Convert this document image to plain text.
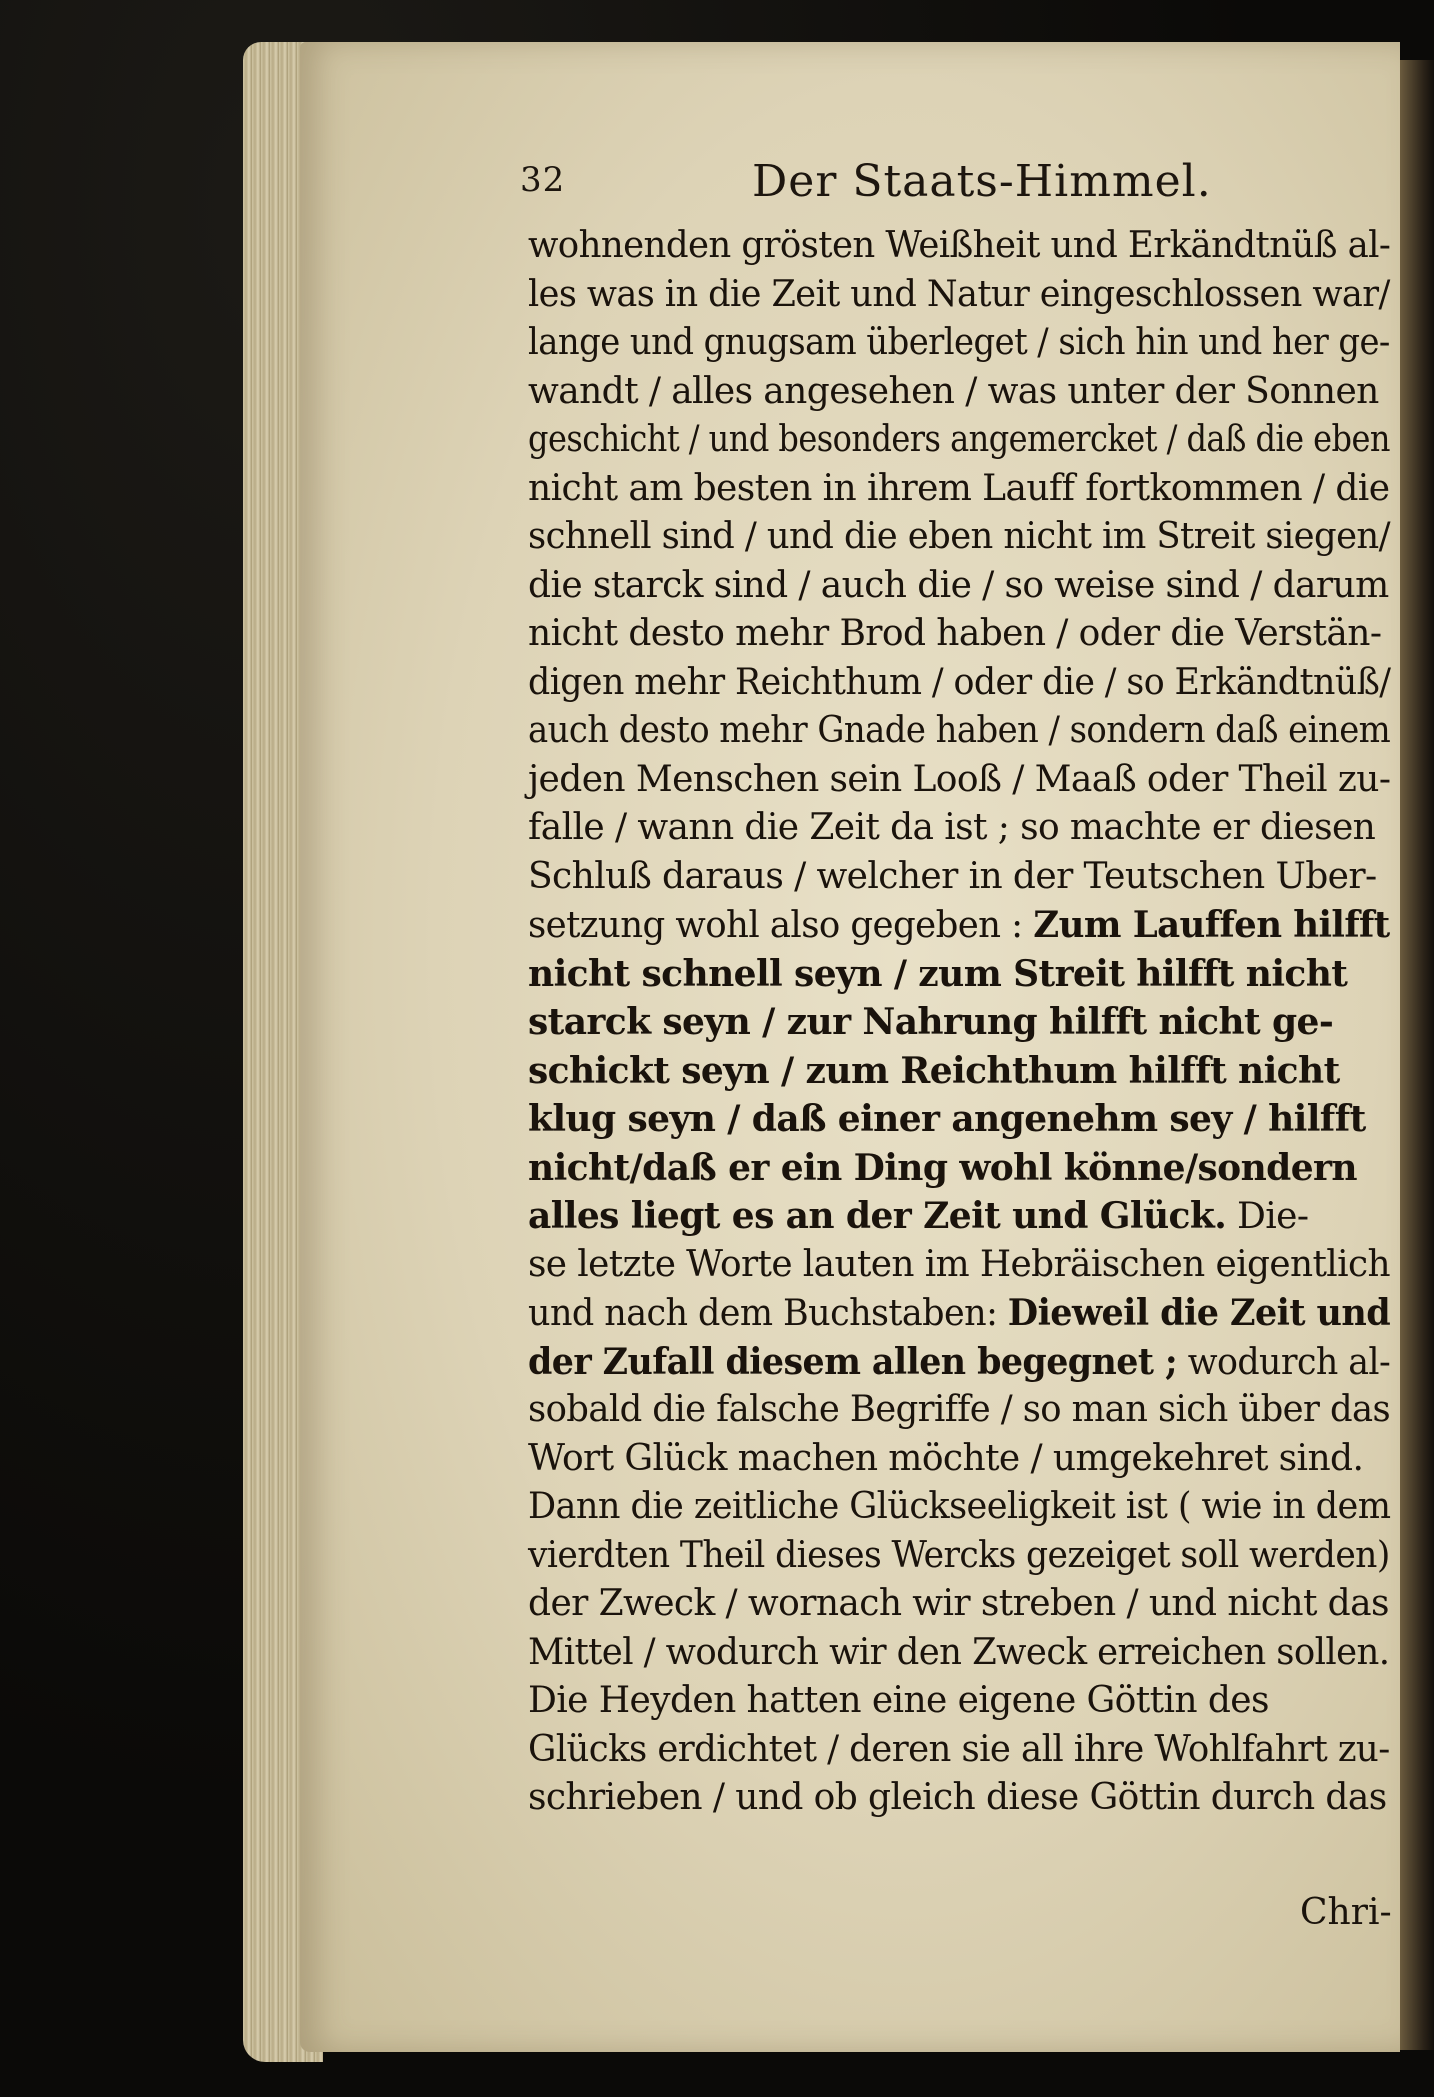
32	Der Staats-Himmel.
wohnenden grösten Weißheit und Erkändtnüß al-
les was in die Zeit und Natur eingeschlossen war/
lange und gnugsam überleget / sich hin und her ge-
wandt / alles angesehen / was unter der Sonnen
geschicht / und besonders angemercket / daß die eben
nicht am besten in ihrem Lauff fortkommen / die
schnell sind / und die eben nicht im Streit siegen/
die starck sind / auch die / so weise sind / darum
nicht desto mehr Brod haben / oder die Verstän-
digen mehr Reichthum / oder die / so Erkändtnüß/
auch desto mehr Gnade haben / sondern daß einem
jeden Menschen sein Looß / Maaß oder Theil zu-
falle / wann die Zeit da ist ; so machte er diesen
Schluß daraus / welcher in der Teutschen Uber-
setzung wohl also gegeben : Zum Lauffen hilfft
nicht schnell seyn / zum Streit hilfft nicht
starck seyn / zur Nahrung hilfft nicht ge-
schickt seyn / zum Reichthum hilfft nicht
klug seyn / daß einer angenehm sey / hilfft
nicht/daß er ein Ding wohl könne/sondern
alles liegt es an der Zeit und Glück. Die-
se letzte Worte lauten im Hebräischen eigentlich
und nach dem Buchstaben: Dieweil die Zeit und
der Zufall diesem allen begegnet ; wodurch al-
sobald die falsche Begriffe / so man sich über das
Wort Glück machen möchte / umgekehret sind.
Dann die zeitliche Glückseeligkeit ist ( wie in dem
vierdten Theil dieses Wercks gezeiget soll werden)
der Zweck / wornach wir streben / und nicht das
Mittel / wodurch wir den Zweck erreichen sollen.
Die Heyden hatten eine eigene Göttin des
Glücks erdichtet / deren sie all ihre Wohlfahrt zu-
schrieben / und ob gleich diese Göttin durch das
Chri-
